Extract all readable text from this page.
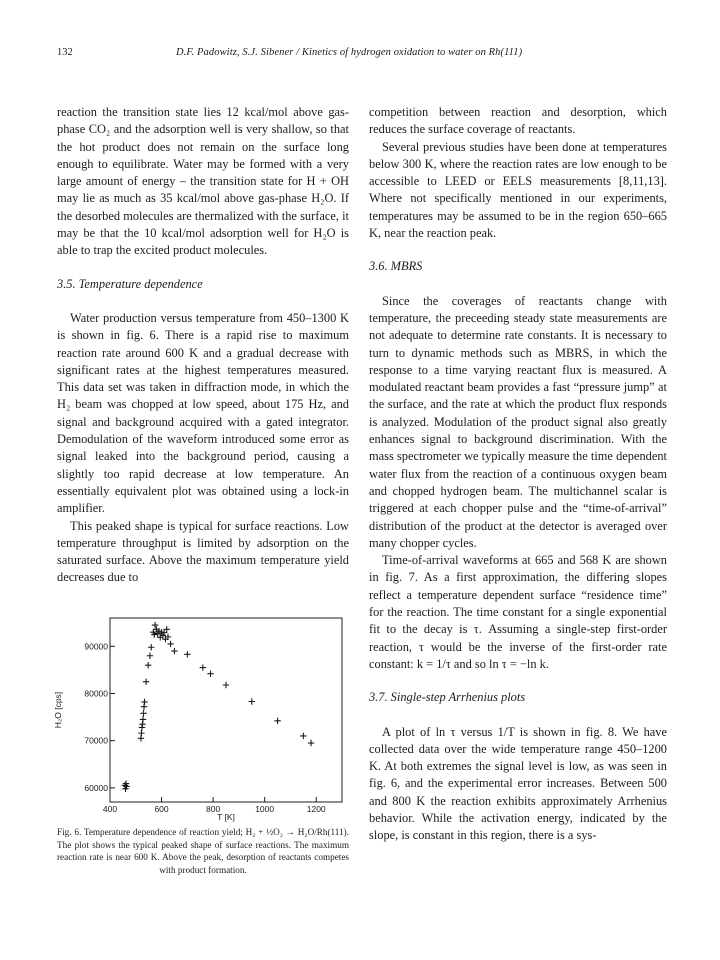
132	D.F. Padowitz, S.J. Sibener / Kinetics of hydrogen oxidation to water on Rh(111)

reaction the transition state lies 12 kcal/mol above gas-phase CO₂ and the adsorption well is very shallow, so that the hot product does not remain on the surface long enough to equilibrate. Water may be formed with a very large amount of energy – the transition state for H + OH may lie as much as 35 kcal/mol above gas-phase H₂O. If the desorbed molecules are thermalized with the surface, it may be that the 10 kcal/mol adsorption well for H₂O is able to trap the excited product molecules.

3.5. Temperature dependence

Water production versus temperature from 450–1300 K is shown in fig. 6. There is a rapid rise to maximum reaction rate around 600 K and a gradual decrease with significant rates at the highest temperatures measured. This data set was taken in diffraction mode, in which the H₂ beam was chopped at low speed, about 175 Hz, and signal and background acquired with a gated integrator. Demodulation of the waveform introduced some error as signal leaked into the background period, causing a slightly too rapid decrease at low temperature. An essentially equivalent plot was obtained using a lock-in amplifier.

This peaked shape is typical for surface reactions. Low temperature throughput is limited by adsorption on the saturated surface. Above the maximum temperature yield decreases due to

competition between reaction and desorption, which reduces the surface coverage of reactants.

Several previous studies have been done at temperatures below 300 K, where the reaction rates are low enough to be accessible to LEED or EELS measurements [8,11,13]. Where not specifically mentioned in our experiments, temperatures may be assumed to be in the region 650–665 K, near the reaction peak.

3.6. MBRS

Since the coverages of reactants change with temperature, the preceeding steady state measurements are not adequate to determine rate constants. It is necessary to turn to dynamic methods such as MBRS, in which the response to a time varying reactant flux is measured. A modulated reactant beam provides a fast “pressure jump” at the surface, and the rate at which the product flux responds is analyzed. Modulation of the product signal also greatly enhances signal to background discrimination. With the mass spectrometer we typically measure the time dependent water flux from the reaction of a continuous oxygen beam and chopped hydrogen beam. The multichannel scalar is triggered at each chopper pulse and the “time-of-arrival” distribution of the product at the detector is averaged over many chopper cycles.

Time-of-arrival waveforms at 665 and 568 K are shown in fig. 7. As a first approximation, the differing slopes reflect a temperature dependent surface “residence time” for the reaction. The time constant for a single exponential fit to the decay is τ. Assuming a single-step first-order reaction, τ would be the inverse of the first-order rate constant: k = 1/τ and so ln τ = −ln k.

3.7. Single-step Arrhenius plots

A plot of ln τ versus 1/T is shown in fig. 8. We have collected data over the wide temperature range 450–1200 K. At both extremes the signal level is low, as was seen in fig. 6, and the experimental error increases. Between 500 and 800 K the reaction exhibits approximately Arrhenius behavior. While the activation energy, indicated by the slope, is constant in this region, there is a sys-

60000
70000
80000
90000
400	600	800	1000	1200
H₂O [cps]
T [K]
Fig. 6. Temperature dependence of reaction yield; H₂ + ½O₂ → H₂O/Rh(111). The plot shows the typical peaked shape of surface reactions. The maximum reaction rate is near 600 K. Above the peak, desorption of reactants competes with product formation.
